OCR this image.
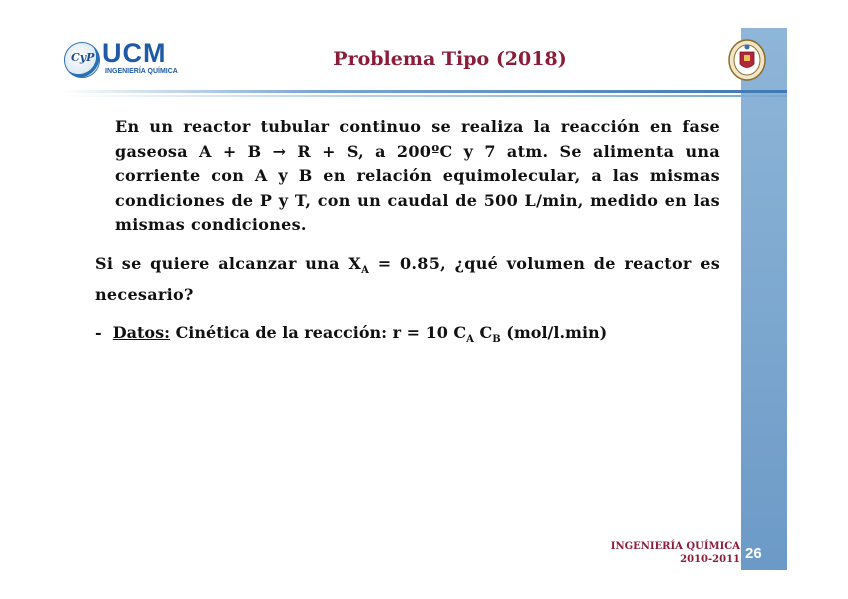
26
CyP UCM
INGENIERÍA QUÍMICA
Problema Tipo (2018)

En un reactor tubular continuo se realiza la reacción en fase gaseosa A + B → R + S, a 200ºC y 7 atm. Se alimenta una corriente con A y B en relación equimolecular, a las mismas condiciones de P y T, con un caudal de 500 L/min, medido en las mismas condiciones.

Si se quiere alcanzar una $X_A = 0.85$, ¿qué volumen de reactor es necesario?

- Datos: Cinética de la reacción: r = 10 $C_A$ $C_B$ (mol/l.min)

INGENIERÍA QUÍMICA
2010-2011
